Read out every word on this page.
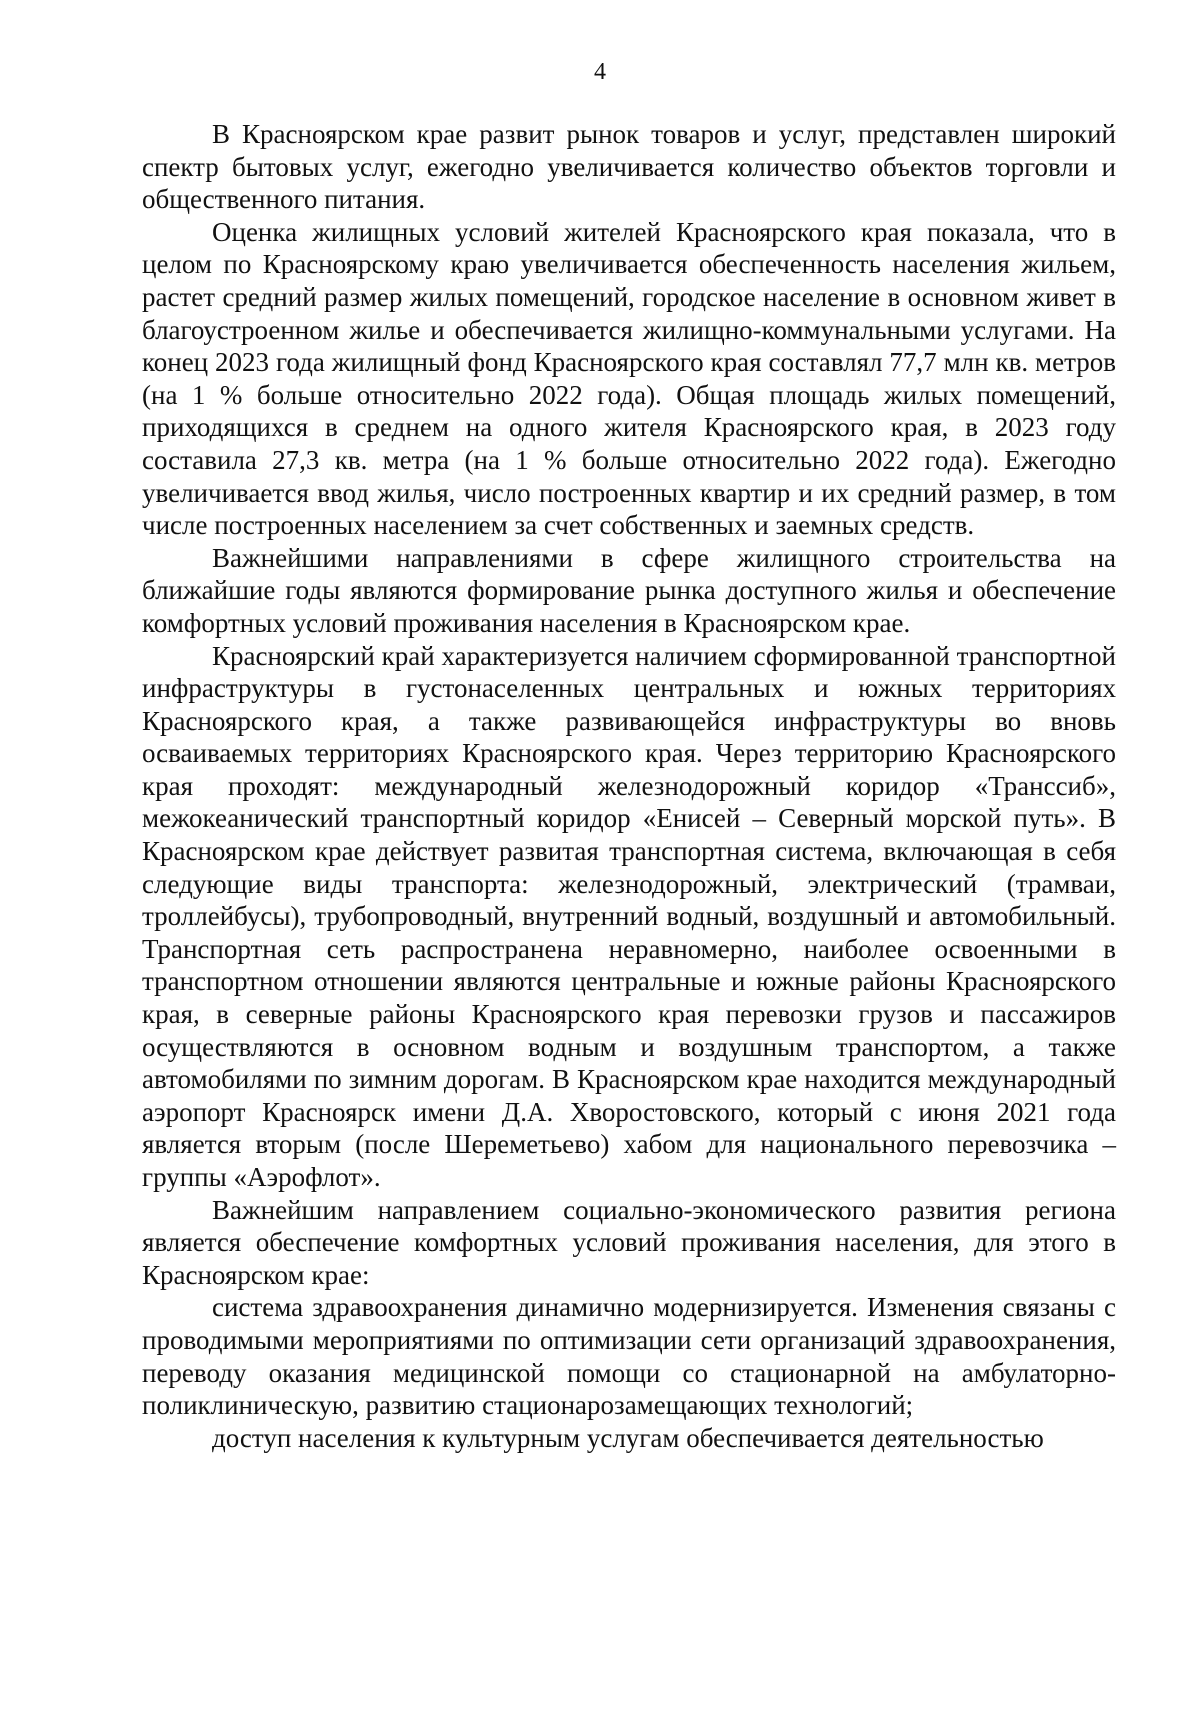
4

В Красноярском крае развит рынок товаров и услуг, представлен широкий спектр бытовых услуг, ежегодно увеличивается количество объектов торговли и общественного питания.

Оценка жилищных условий жителей Красноярского края показала, что в целом по Красноярскому краю увеличивается обеспеченность населения жильем, растет средний размер жилых помещений, городское население в основном живет в благоустроенном жилье и обеспечивается жилищно-коммунальными услугами. На конец 2023 года жилищный фонд Красноярского края составлял 77,7 млн кв. метров (на 1 % больше относительно 2022 года). Общая площадь жилых помещений, приходящихся в среднем на одного жителя Красноярского края, в 2023 году составила 27,3 кв. метра (на 1 % больше относительно 2022 года). Ежегодно увеличивается ввод жилья, число построенных квартир и их средний размер, в том числе построенных населением за счет собственных и заемных средств.

Важнейшими направлениями в сфере жилищного строительства на ближайшие годы являются формирование рынка доступного жилья и обеспечение комфортных условий проживания населения в Красноярском крае.

Красноярский край характеризуется наличием сформированной транспортной инфраструктуры в густонаселенных центральных и южных территориях Красноярского края, а также развивающейся инфраструктуры во вновь осваиваемых территориях Красноярского края. Через территорию Красноярского края проходят: международный железнодорожный коридор «Транссиб», межокеанический транспортный коридор «Енисей – Северный морской путь». В Красноярском крае действует развитая транспортная система, включающая в себя следующие виды транспорта: железнодорожный, электрический (трамваи, троллейбусы), трубопроводный, внутренний водный, воздушный и автомобильный. Транспортная сеть распространена неравномерно, наиболее освоенными в транспортном отношении являются центральные и южные районы Красноярского края, в северные районы Красноярского края перевозки грузов и пассажиров осуществляются в основном водным и воздушным транспортом, а также автомобилями по зимним дорогам. В Красноярском крае находится международный аэропорт Красноярск имени Д.А. Хворостовского, который с июня 2021 года является вторым (после Шереметьево) хабом для национального перевозчика – группы «Аэрофлот».

Важнейшим направлением социально-экономического развития региона является обеспечение комфортных условий проживания населения, для этого в Красноярском крае:

система здравоохранения динамично модернизируется. Изменения связаны с проводимыми мероприятиями по оптимизации сети организаций здравоохранения, переводу оказания медицинской помощи со стационарной на амбулаторно-поликлиническую, развитию стационарозамещающих технологий;

доступ населения к культурным услугам обеспечивается деятельностью
